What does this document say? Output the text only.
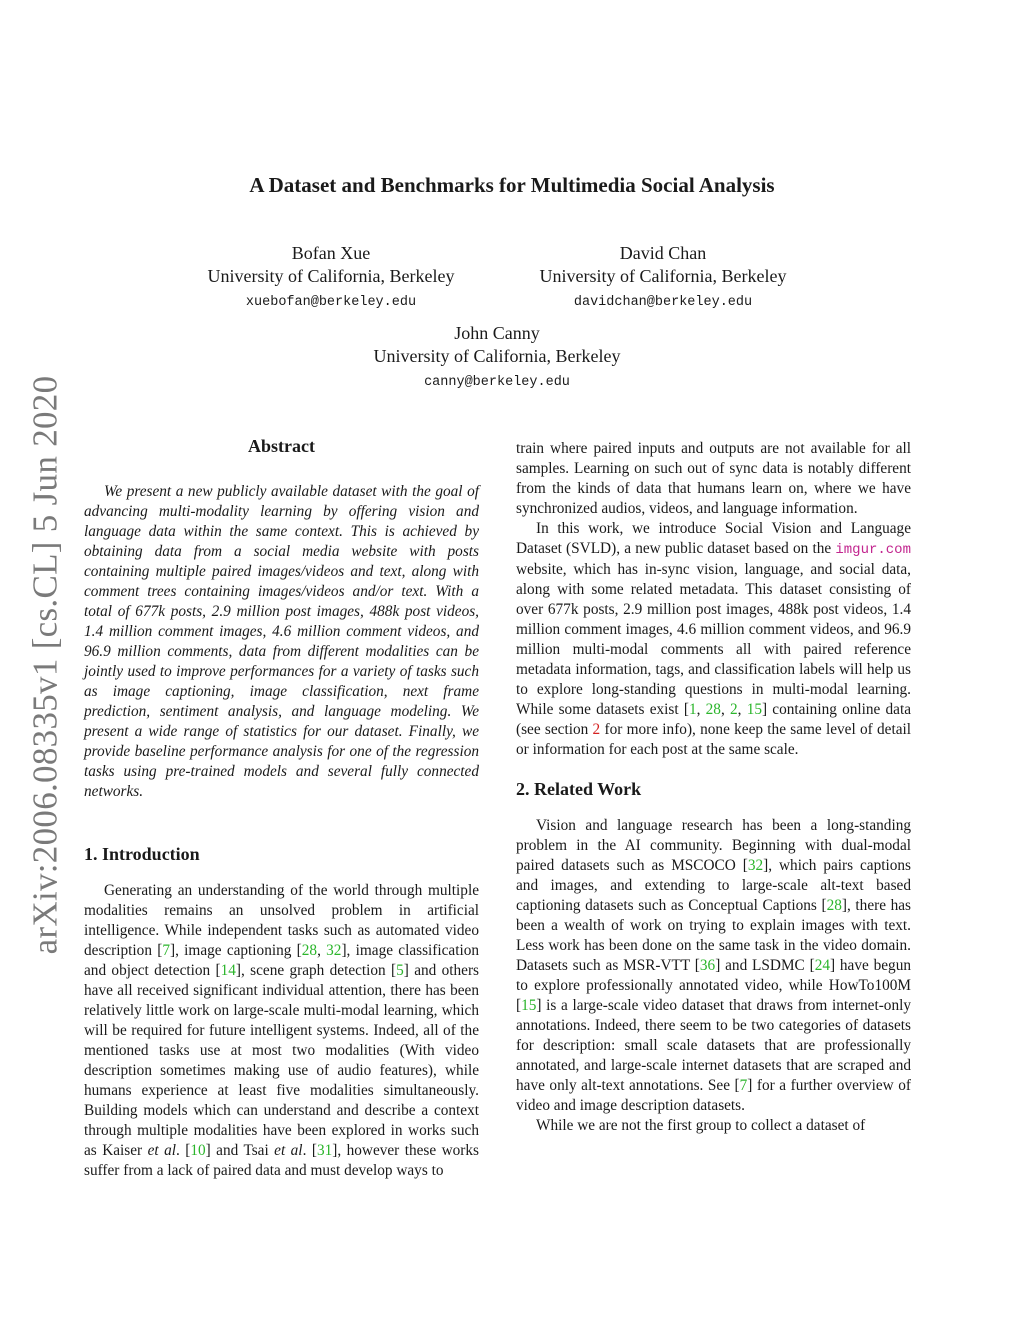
arXiv:2006.08335v1 [cs.CL] 5 Jun 2020
A Dataset and Benchmarks for Multimedia Social Analysis
Bofan Xue
University of California, Berkeley
xuebofan@berkeley.edu
David Chan
University of California, Berkeley
davidchan@berkeley.edu
John Canny
University of California, Berkeley
canny@berkeley.edu
Abstract

We present a new publicly available dataset with the goal of advancing multi-modality learning by offering vision and language data within the same context. This is achieved by obtaining data from a social media website with posts containing multiple paired images/videos and text, along with comment trees containing images/videos and/or text. With a total of 677k posts, 2.9 million post images, 488k post videos, 1.4 million comment images, 4.6 million comment videos, and 96.9 million comments, data from different modalities can be jointly used to improve performances for a variety of tasks such as image captioning, image classification, next frame prediction, sentiment analysis, and language modeling. We present a wide range of statistics for our dataset. Finally, we provide baseline performance analysis for one of the regression tasks using pre-trained models and several fully connected networks.

1. Introduction

Generating an understanding of the world through multiple modalities remains an unsolved problem in artificial intelligence. While independent tasks such as automated video description [7], image captioning [28, 32], image classification and object detection [14], scene graph detection [5] and others have all received significant individual attention, there has been relatively little work on large-scale multi-modal learning, which will be required for future intelligent systems. Indeed, all of the mentioned tasks use at most two modalities (With video description sometimes making use of audio features), while humans experience at least five modalities simultaneously. Building models which can understand and describe a context through multiple modalities have been explored in works such as Kaiser et al. [10] and Tsai et al. [31], however these works suffer from a lack of paired data and must develop ways to

train where paired inputs and outputs are not available for all samples. Learning on such out of sync data is notably different from the kinds of data that humans learn on, where we have synchronized audios, videos, and language information.

In this work, we introduce Social Vision and Language Dataset (SVLD), a new public dataset based on the imgur.com website, which has in-sync vision, language, and social data, along with some related metadata. This dataset consisting of over 677k posts, 2.9 million post images, 488k post videos, 1.4 million comment images, 4.6 million comment videos, and 96.9 million multi-modal comments all with paired reference metadata information, tags, and classification labels will help us to explore long-standing questions in multi-modal learning. While some datasets exist [1, 28, 2, 15] containing online data (see section 2 for more info), none keep the same level of detail or information for each post at the same scale.

2. Related Work

Vision and language research has been a long-standing problem in the AI community. Beginning with dual-modal paired datasets such as MSCOCO [32], which pairs captions and images, and extending to large-scale alt-text based captioning datasets such as Conceptual Captions [28], there has been a wealth of work on trying to explain images with text. Less work has been done on the same task in the video domain. Datasets such as MSR-VTT [36] and LSDMC [24] have begun to explore professionally annotated video, while HowTo100M [15] is a large-scale video dataset that draws from internet-only annotations. Indeed, there seem to be two categories of datasets for description: small scale datasets that are professionally annotated, and large-scale internet datasets that are scraped and have only alt-text annotations. See [7] for a further overview of video and image description datasets.

While we are not the first group to collect a dataset of
